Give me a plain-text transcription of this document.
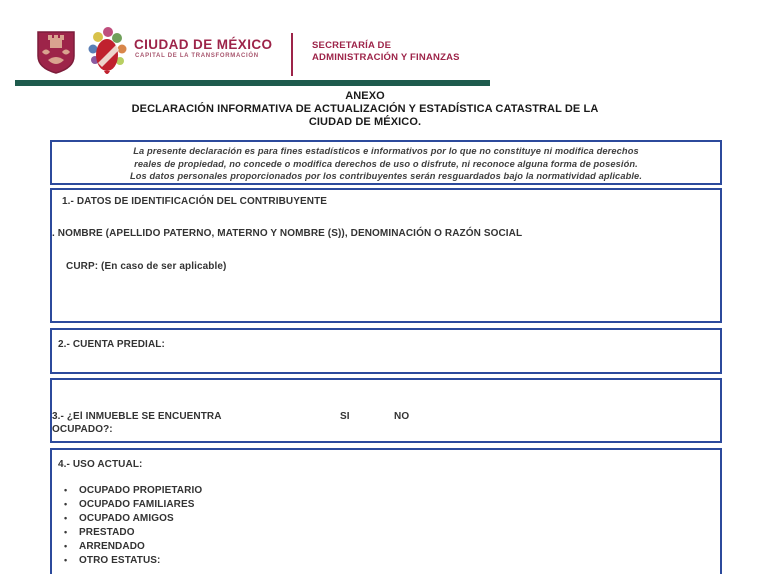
CIUDAD DE MÉXICO
CAPITAL DE LA TRANSFORMACIÓN
SECRETARÍA DE
ADMINISTRACIÓN Y FINANZAS
ANEXO
DECLARACIÓN INFORMATIVA DE ACTUALIZACIÓN Y ESTADÍSTICA CATASTRAL DE LA
CIUDAD DE MÉXICO.
La presente declaración es para fines estadísticos e informativos por lo que no constituye ni modifica derechos
reales de propiedad, no concede o modifica derechos de uso o disfrute, ni reconoce alguna forma de posesión.
Los datos personales proporcionados por los contribuyentes serán resguardados bajo la normatividad aplicable.
1.- DATOS DE IDENTIFICACIÓN DEL CONTRIBUYENTE
. NOMBRE (APELLIDO PATERNO, MATERNO Y NOMBRE (S)), DENOMINACIÓN O RAZÓN SOCIAL
CURP: (En caso de ser aplicable)
2.- CUENTA PREDIAL:
3.- ¿El INMUEBLE SE ENCUENTRA
OCUPADO?:
SI	NO
4.- USO ACTUAL:
•	OCUPADO PROPIETARIO
•	OCUPADO FAMILIARES
•	OCUPADO AMIGOS
•	PRESTADO
•	ARRENDADO
•	OTRO ESTATUS:
